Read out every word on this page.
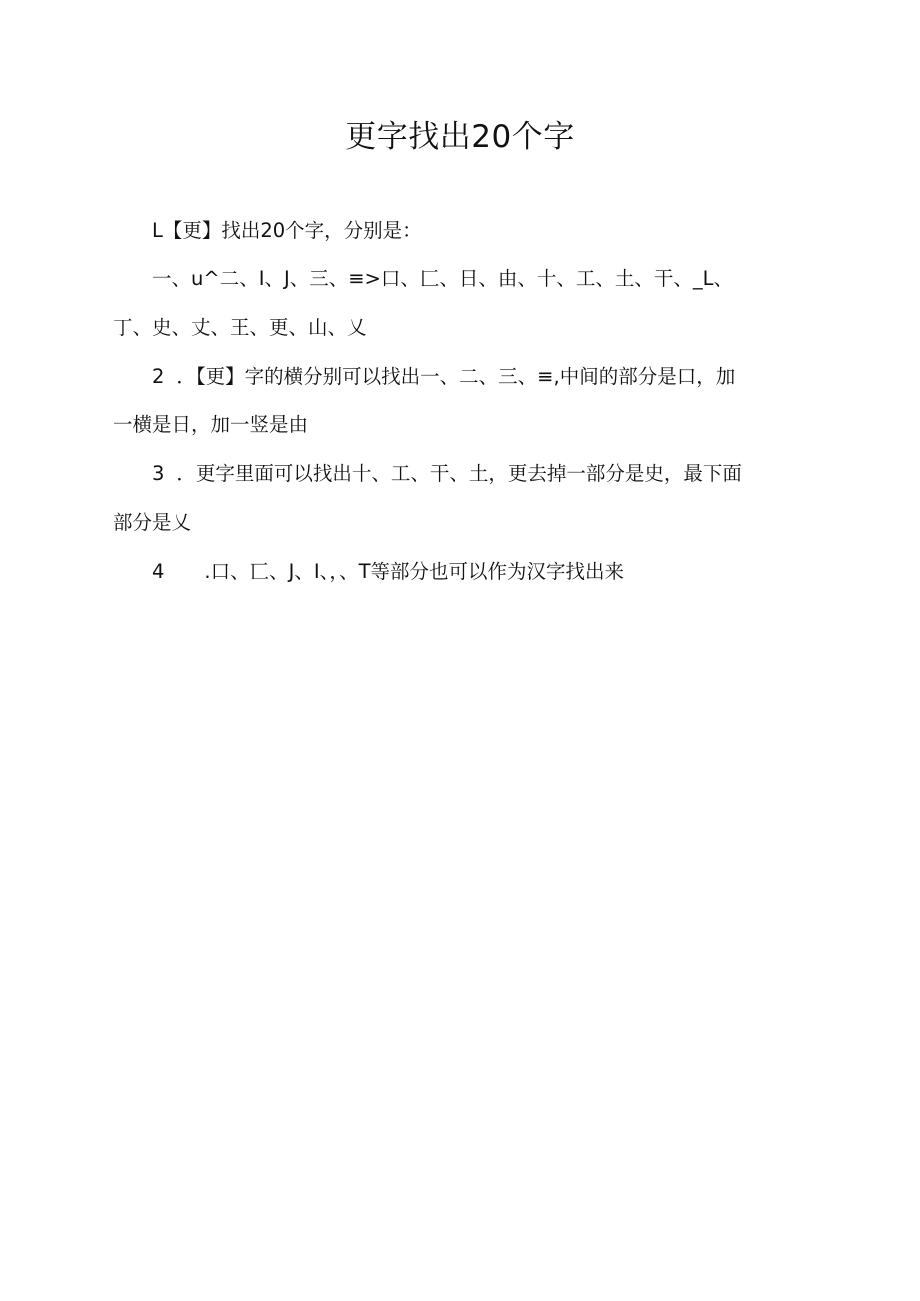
更字找出20个字
L【更】找出20个字，分别是：
一、u^二、I、J、三、≡>口、匚、日、由、十、工、土、干、_L、
丁、史、丈、王、更、山、乂
2 ．【更】字的横分别可以找出一、二、三、≡,中间的部分是口，加
一横是日，加一竖是由
3 ．更字里面可以找出十、工、干、土，更去掉一部分是史，最下面
部分是乂
4 .口、匸、J、I、，、T等部分也可以作为汉字找出来
